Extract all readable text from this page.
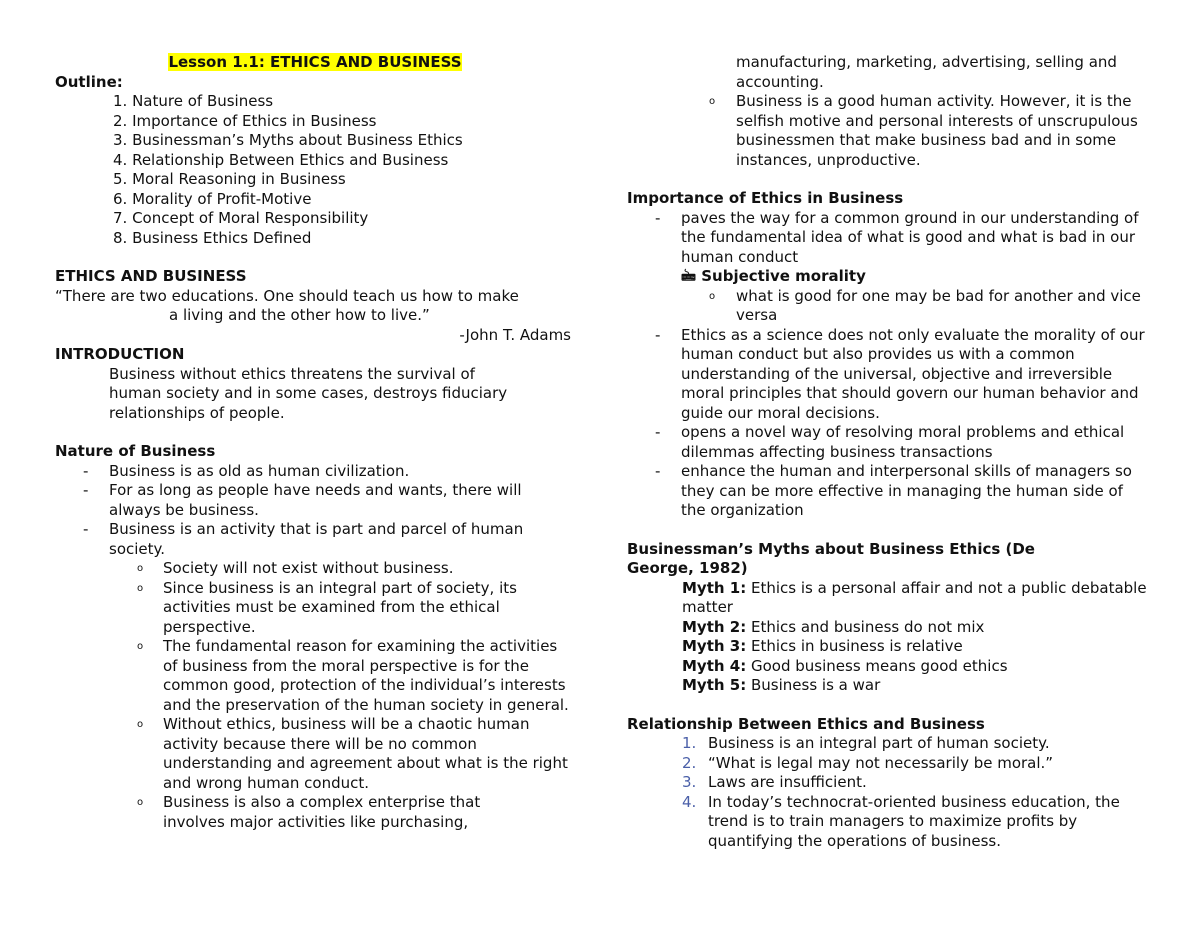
Lesson 1.1: ETHICS AND BUSINESS

Outline:

1. Nature of Business

2. Importance of Ethics in Business

3. Businessman’s Myths about Business Ethics

4. Relationship Between Ethics and Business

5. Moral Reasoning in Business

6. Morality of Profit-Motive

7. Concept of Moral Responsibility

8. Business Ethics Defined

ETHICS AND BUSINESS

“There are two educations. One should teach us how to make

a living and the other how to live.”

-John T. Adams

INTRODUCTION

Business without ethics threatens the survival of human society and in some cases, destroys fiduciary relationships of people.

Nature of Business

-	Business is as old as human civilization.
-	For as long as people have needs and wants, there will always be business.
-	Business is an activity that is part and parcel of human society.
o	Society will not exist without business.
o	Since business is an integral part of society, its activities must be examined from the ethical perspective.
o	The fundamental reason for examining the activities of business from the moral perspective is for the common good, protection of the individual’s interests and the preservation of the human society in general.
o	Without ethics, business will be a chaotic human activity because there will be no common understanding and agreement about what is the right and wrong human conduct.
o	Business is also a complex enterprise that involves major activities like purchasing,

manufacturing, marketing, advertising, selling and accounting.

o	Business is a good human activity. However, it is the selfish motive and personal interests of unscrupulous businessmen that make business bad and in some instances, unproductive.

Importance of Ethics in Business

-	paves the way for a common ground in our understanding of the fundamental idea of what is good and what is bad in our human conduct

🖮 Subjective morality

o	what is good for one may be bad for another and vice versa
-	Ethics as a science does not only evaluate the morality of our human conduct but also provides us with a common understanding of the universal, objective and irreversible moral principles that should govern our human behavior and guide our moral decisions.
-	opens a novel way of resolving moral problems and ethical dilemmas affecting business transactions
-	enhance the human and interpersonal skills of managers so they can be more effective in managing the human side of the organization

Businessman’s Myths about Business Ethics (De George, 1982)

Myth 1: Ethics is a personal affair and not a public debatable matter

Myth 2: Ethics and business do not mix

Myth 3: Ethics in business is relative

Myth 4: Good business means good ethics

Myth 5: Business is a war

Relationship Between Ethics and Business

1. Business is an integral part of human society.
2. “What is legal may not necessarily be moral.”
3. Laws are insufficient.
4. In today’s technocrat-oriented business education, the trend is to train managers to maximize profits by quantifying the operations of business.
